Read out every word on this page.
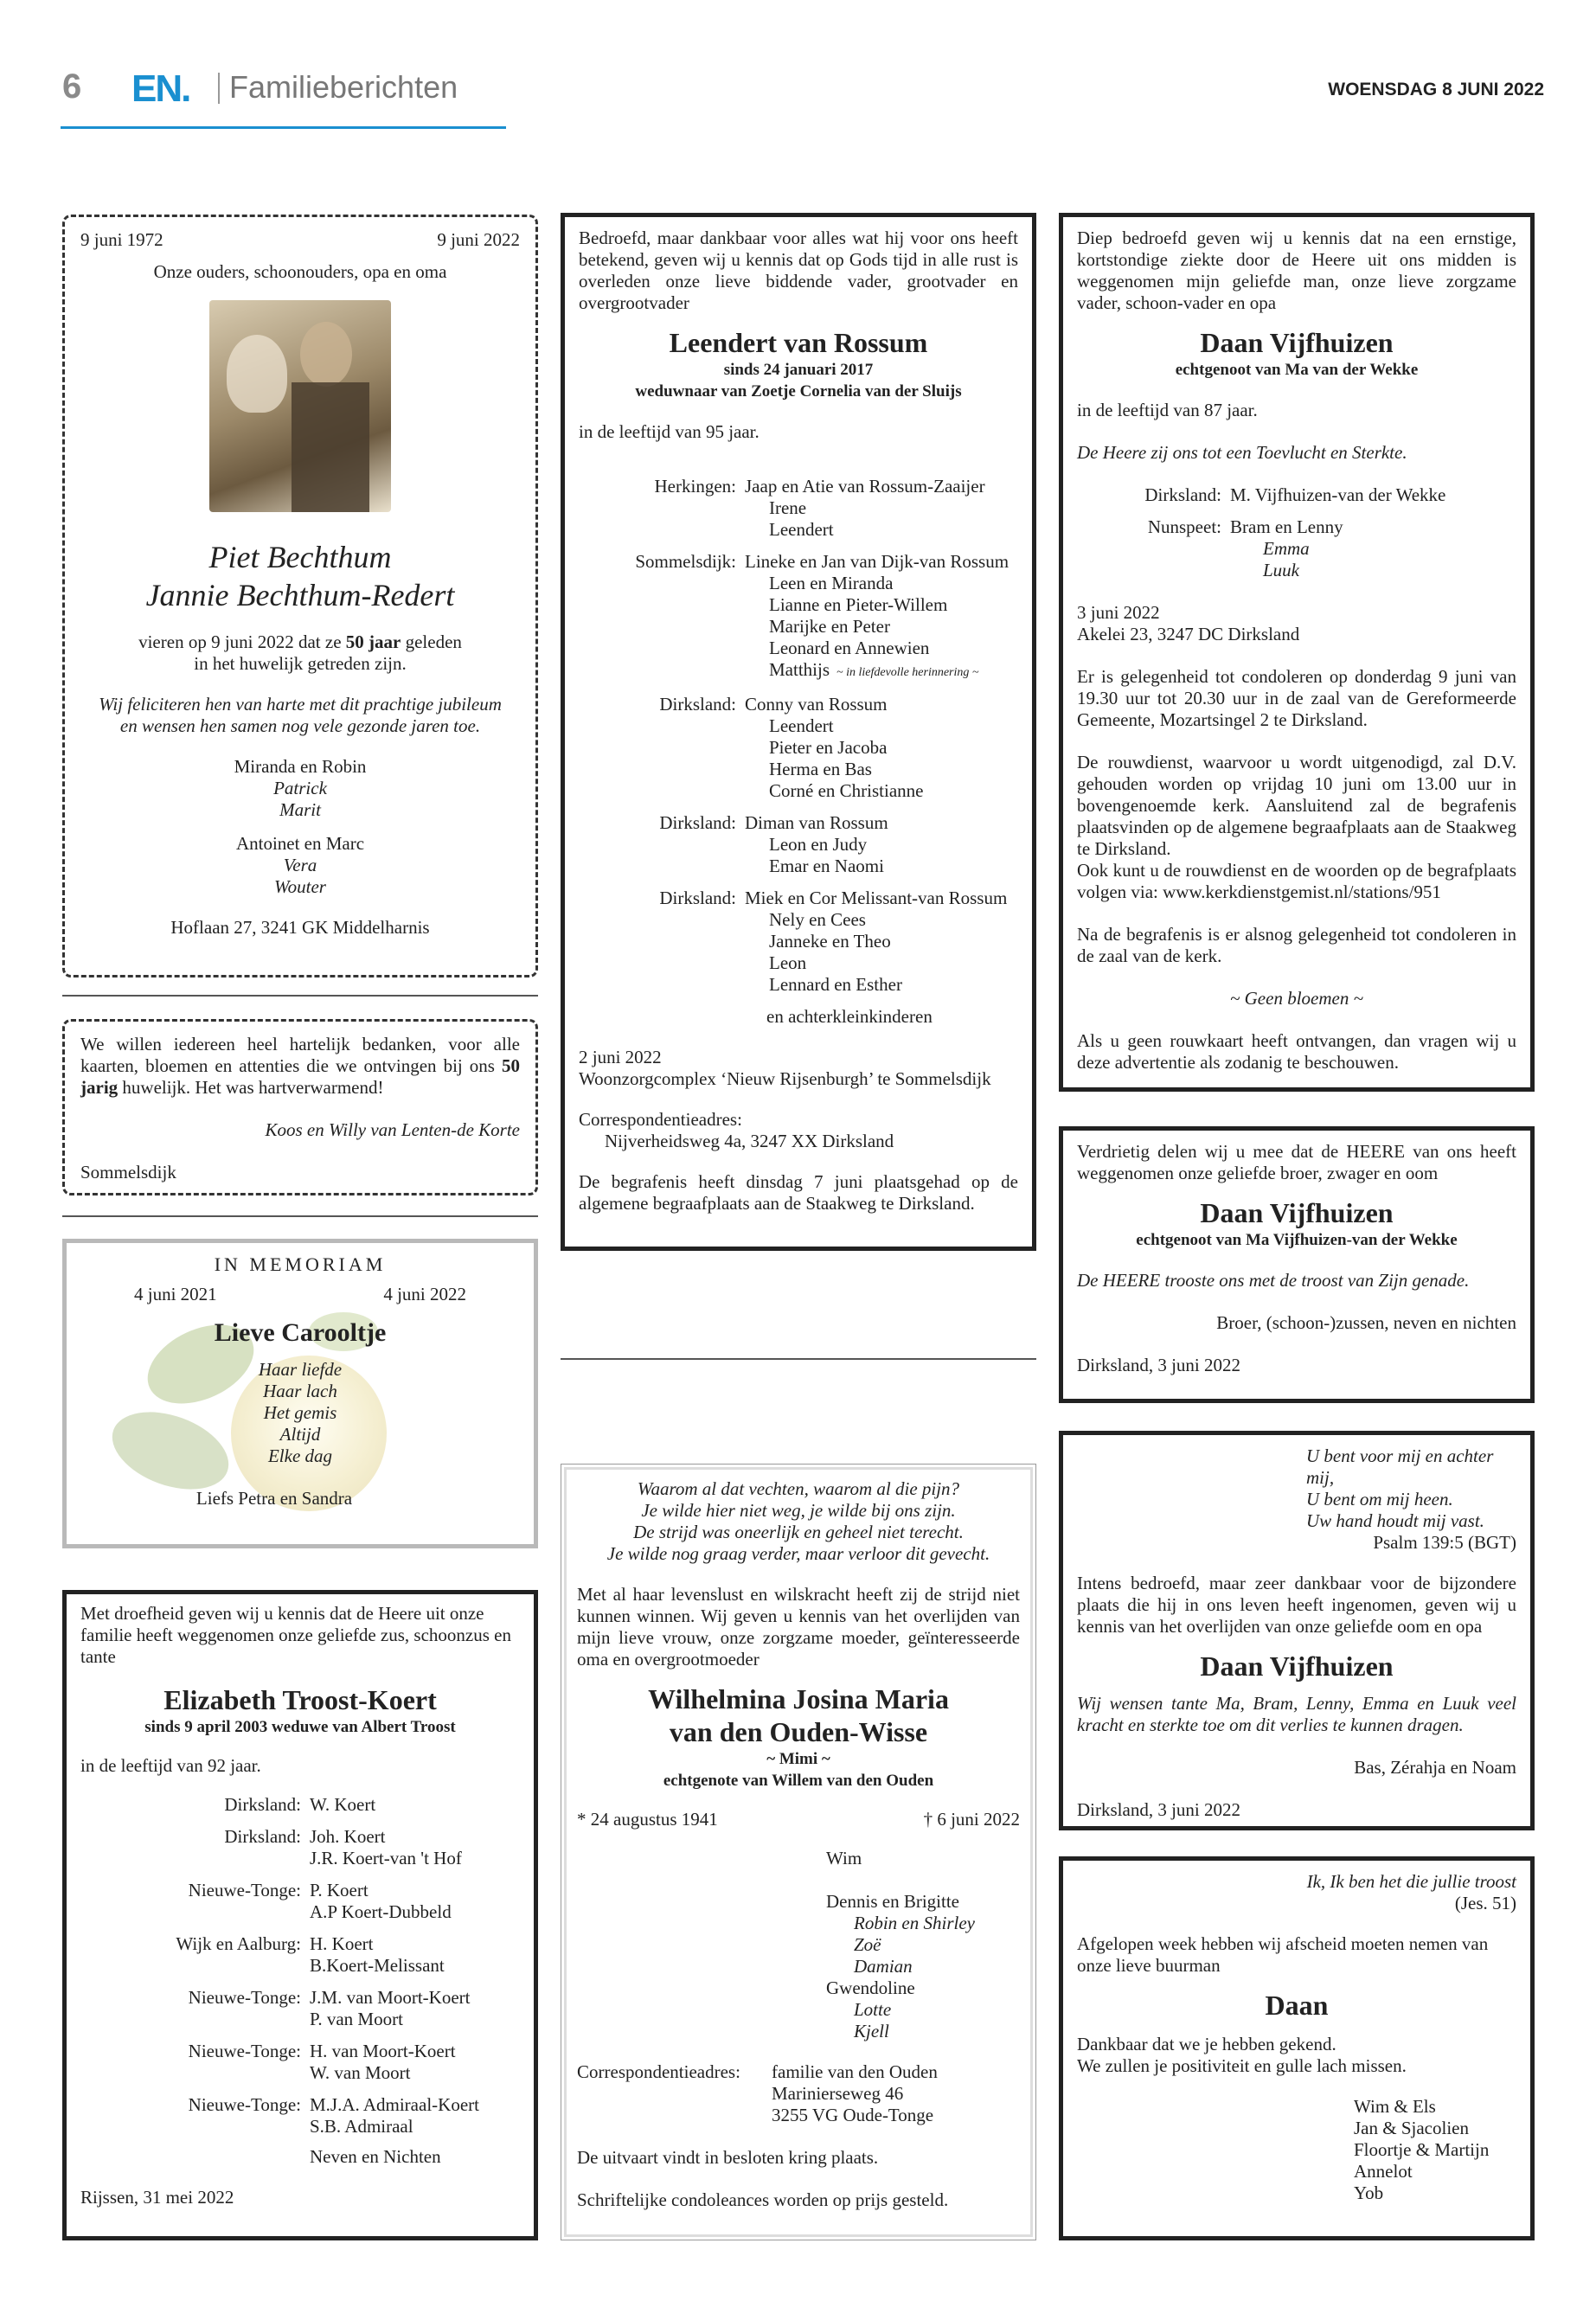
6 EN. Familieberichten	WOENSDAG 8 JUNI 2022
9 juni 1972	9 juni 2022

Onze ouders, schoonouders, opa en oma

Piet Bechthum

Jannie Bechthum-Redert

vieren op 9 juni 2022 dat ze 50 jaar geleden

in het huwelijk getreden zijn.

Wij feliciteren hen van harte met dit prachtige jubileum

en wensen hen samen nog vele gezonde jaren toe.

Miranda en Robin

Patrick

Marit

Antoinet en Marc

Vera

Wouter

Hoflaan 27, 3241 GK Middelharnis

We willen iedereen heel hartelijk bedanken, voor alle kaarten, bloemen en attenties die we ontvingen bij ons 50 jarig huwelijk. Het was hartverwarmend!

Koos en Willy van Lenten-de Korte

Sommelsdijk

IN MEMORIAM

4 juni 2021	4 juni 2022

Lieve Carooltje

Haar liefde

Haar lach

Het gemis

Altijd

Elke dag

Liefs Petra en Sandra

Met droefheid geven wij u kennis dat de Heere uit onze familie heeft weggenomen onze geliefde zus, schoonzus en tante

Elizabeth Troost-Koert

sinds 9 april 2003 weduwe van Albert Troost

in de leeftijd van 92 jaar.

Dirksland: W. Koert

Dirksland: Joh. Koert

J.R. Koert-van 't Hof

Nieuwe-Tonge: P. Koert

A.P Koert-Dubbeld

Wijk en Aalburg: H. Koert

B.Koert-Melissant

Nieuwe-Tonge: J.M. van Moort-Koert

P. van Moort

Nieuwe-Tonge: H. van Moort-Koert

W. van Moort

Nieuwe-Tonge: M.J.A. Admiraal-Koert

S.B. Admiraal

Neven en Nichten

Rijssen, 31 mei 2022

Bedroefd, maar dankbaar voor alles wat hij voor ons heeft betekend, geven wij u kennis dat op Gods tijd in alle rust is overleden onze lieve biddende vader, grootvader en overgrootvader

Leendert van Rossum

sinds 24 januari 2017

weduwnaar van Zoetje Cornelia van der Sluijs

in de leeftijd van 95 jaar.

Herkingen: Jaap en Atie van Rossum-Zaaijer

Irene

Leendert

Sommelsdijk: Lineke en Jan van Dijk-van Rossum

Leen en Miranda

Lianne en Pieter-Willem

Marijke en Peter

Leonard en Annewien

Matthijs ~ in liefdevolle herinnering ~

Dirksland: Conny van Rossum

Leendert

Pieter en Jacoba

Herma en Bas

Corné en Christianne

Dirksland: Diman van Rossum

Leon en Judy

Emar en Naomi

Dirksland: Miek en Cor Melissant-van Rossum

Nely en Cees

Janneke en Theo

Leon

Lennard en Esther

en achterkleinkinderen

2 juni 2022

Woonzorgcomplex ‘Nieuw Rijsenburgh’ te Sommelsdijk

Correspondentieadres:

Nijverheidsweg 4a, 3247 XX Dirksland

De begrafenis heeft dinsdag 7 juni plaatsgehad op de algemene begraafplaats aan de Staakweg te Dirksland.

Waarom al dat vechten, waarom al die pijn?

Je wilde hier niet weg, je wilde bij ons zijn.

De strijd was oneerlijk en geheel niet terecht.

Je wilde nog graag verder, maar verloor dit gevecht.

Met al haar levenslust en wilskracht heeft zij de strijd niet kunnen winnen. Wij geven u kennis van het overlijden van mijn lieve vrouw, onze zorgzame moeder, geïnteresseerde oma en overgrootmoeder

Wilhelmina Josina Maria

van den Ouden-Wisse

~ Mimi ~

echtgenote van Willem van den Ouden

* 24 augustus 1941	† 6 juni 2022

Wim

Dennis en Brigitte

Robin en Shirley

Zoë

Damian

Gwendoline

Lotte

Kjell

Correspondentieadres:	familie van den Ouden

Marinierseweg 46

3255 VG Oude-Tonge

De uitvaart vindt in besloten kring plaats.

Schriftelijke condoleances worden op prijs gesteld.

Diep bedroefd geven wij u kennis dat na een ernstige, kortstondige ziekte door de Heere uit ons midden is weggenomen mijn geliefde man, onze lieve zorgzame vader, schoon-vader en opa

Daan Vijfhuizen

echtgenoot van Ma van der Wekke

in de leeftijd van 87 jaar.

De Heere zij ons tot een Toevlucht en Sterkte.

Dirksland: M. Vijfhuizen-van der Wekke
Nunspeet: Bram en Lenny

Emma

Luuk

3 juni 2022

Akelei 23, 3247 DC Dirksland

Er is gelegenheid tot condoleren op donderdag 9 juni van 19.30 uur tot 20.30 uur in de zaal van de Gereformeerde Gemeente, Mozartsingel 2 te Dirksland.

De rouwdienst, waarvoor u wordt uitgenodigd, zal D.V. gehouden worden op vrijdag 10 juni om 13.00 uur in bovengenoemde kerk. Aansluitend zal de begrafenis plaatsvinden op de algemene begraafplaats aan de Staakweg te Dirksland.

Ook kunt u de rouwdienst en de woorden op de begrafplaats volgen via: www.kerkdienstgemist.nl/stations/951

Na de begrafenis is er alsnog gelegenheid tot condoleren in de zaal van de kerk.

~ Geen bloemen ~

Als u geen rouwkaart heeft ontvangen, dan vragen wij u deze advertentie als zodanig te beschouwen.

Verdrietig delen wij u mee dat de HEERE van ons heeft weggenomen onze geliefde broer, zwager en oom

Daan Vijfhuizen

echtgenoot van Ma Vijfhuizen-van der Wekke

De HEERE trooste ons met de troost van Zijn genade.

Broer, (schoon-)zussen, neven en nichten

Dirksland, 3 juni 2022

U bent voor mij en achter mij,

U bent om mij heen.

Uw hand houdt mij vast.

Psalm 139:5 (BGT)

Intens bedroefd, maar zeer dankbaar voor de bijzondere plaats die hij in ons leven heeft ingenomen, geven wij u kennis van het overlijden van onze geliefde oom en opa

Daan Vijfhuizen

Wij wensen tante Ma, Bram, Lenny, Emma en Luuk veel kracht en sterkte toe om dit verlies te kunnen dragen.

Bas, Zérahja en Noam

Dirksland, 3 juni 2022

Ik, Ik ben het die jullie troost

(Jes. 51)

Afgelopen week hebben wij afscheid moeten nemen van onze lieve buurman

Daan

Dankbaar dat we je hebben gekend.

We zullen je positiviteit en gulle lach missen.

Wim & Els

Jan & Sjacolien

Floortje & Martijn

Annelot

Yob
